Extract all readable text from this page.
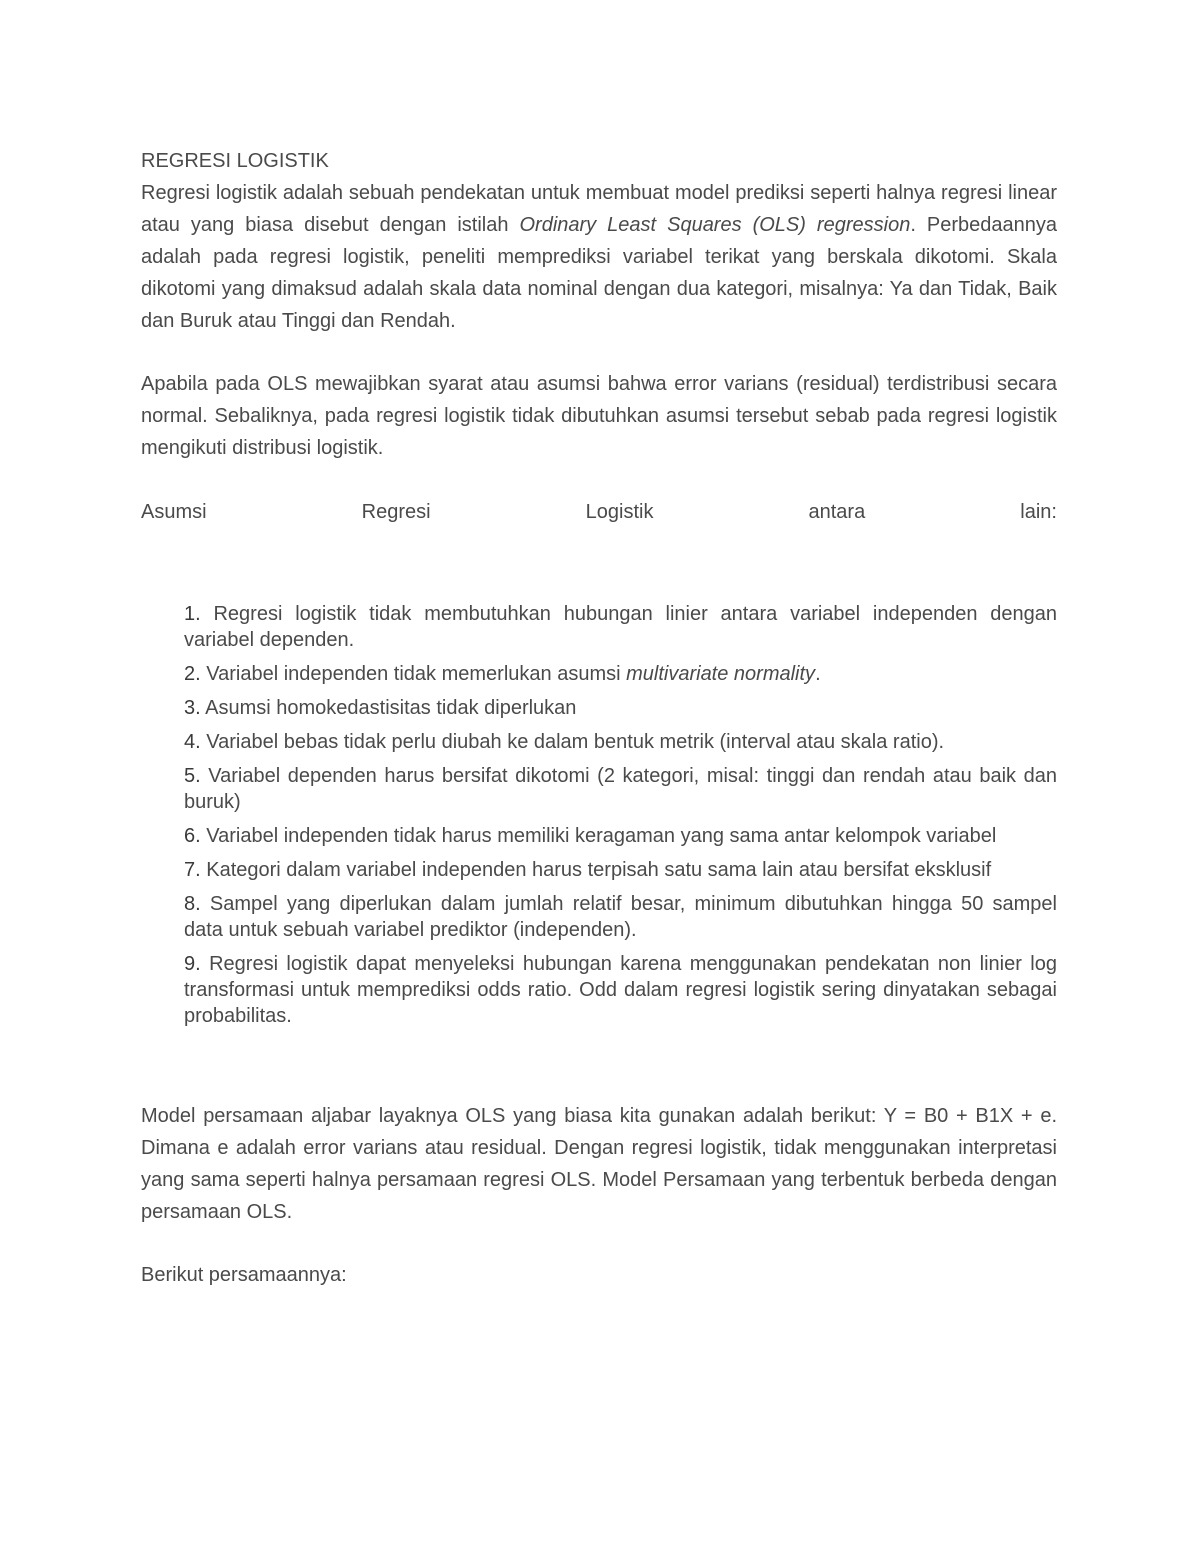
REGRESI LOGISTIK

Regresi logistik adalah sebuah pendekatan untuk membuat model prediksi seperti halnya regresi linear atau yang biasa disebut dengan istilah Ordinary Least Squares (OLS) regression. Perbedaannya adalah pada regresi logistik, peneliti memprediksi variabel terikat yang berskala dikotomi. Skala dikotomi yang dimaksud adalah skala data nominal dengan dua kategori, misalnya: Ya dan Tidak, Baik dan Buruk atau Tinggi dan Rendah.

Apabila pada OLS mewajibkan syarat atau asumsi bahwa error varians (residual) terdistribusi secara normal. Sebaliknya, pada regresi logistik tidak dibutuhkan asumsi tersebut sebab pada regresi logistik mengikuti distribusi logistik.

Asumsi	Regresi	Logistik	antara	lain:
1. Regresi logistik tidak membutuhkan hubungan linier antara variabel independen dengan variabel dependen.
2. Variabel independen tidak memerlukan asumsi multivariate normality.
3. Asumsi homokedastisitas tidak diperlukan
4. Variabel bebas tidak perlu diubah ke dalam bentuk metrik (interval atau skala ratio).
5. Variabel dependen harus bersifat dikotomi (2 kategori, misal: tinggi dan rendah atau baik dan buruk)
6. Variabel independen tidak harus memiliki keragaman yang sama antar kelompok variabel
7. Kategori dalam variabel independen harus terpisah satu sama lain atau bersifat eksklusif
8. Sampel yang diperlukan dalam jumlah relatif besar, minimum dibutuhkan hingga 50 sampel data untuk sebuah variabel prediktor (independen).
9. Regresi logistik dapat menyeleksi hubungan karena menggunakan pendekatan non linier log transformasi untuk memprediksi odds ratio. Odd dalam regresi logistik sering dinyatakan sebagai probabilitas.

Model persamaan aljabar layaknya OLS yang biasa kita gunakan adalah berikut: Y = B0 + B1X + e. Dimana e adalah error varians atau residual. Dengan regresi logistik, tidak menggunakan interpretasi yang sama seperti halnya persamaan regresi OLS. Model Persamaan yang terbentuk berbeda dengan persamaan OLS.

Berikut persamaannya:
